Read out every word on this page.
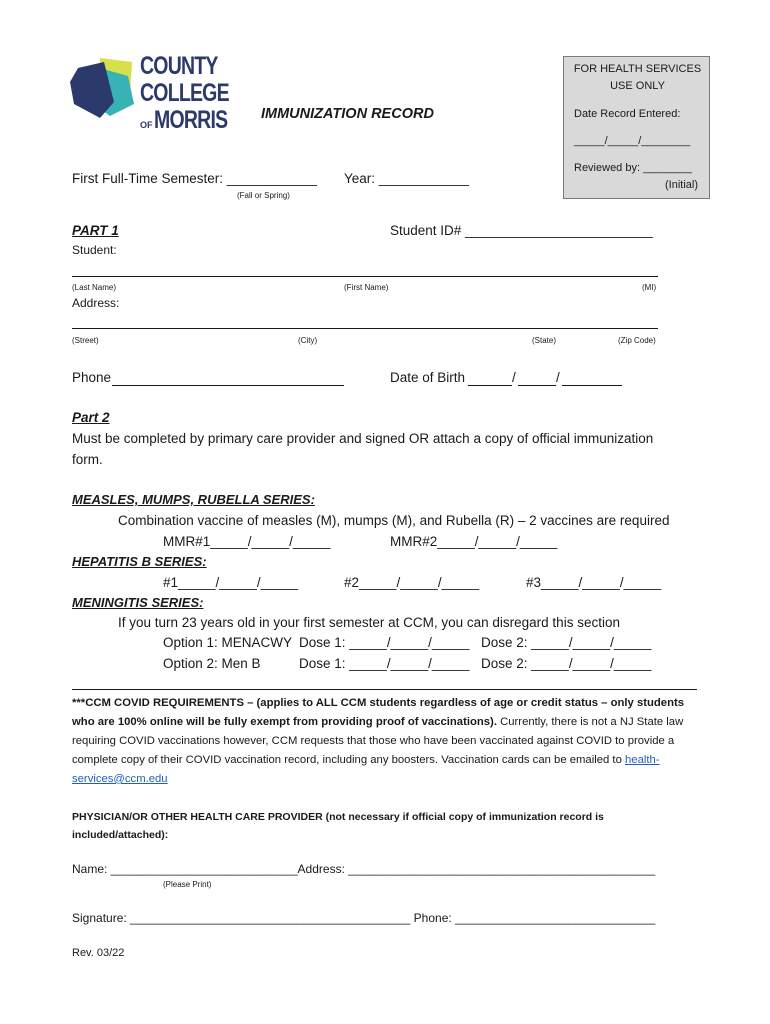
COUNTY
COLLEGE
OF MORRIS IMMUNIZATION RECORD
FOR HEALTH SERVICES
USE ONLY
Date Record Entered:
_____/_____/________
Reviewed by: ________
(Initial)
First Full-Time Semester: ____________
(Fall or Spring)
Year: ____________
PART 1	Student ID# _________________________
Student:
(Last Name)	(First Name)	(MI)
Address:
(Street)	(City)	(State)	(Zip Code)
Phone	Date of Birth	/	/
Part 2
Must be completed by primary care provider and signed OR attach a copy of official immunization
form.
MEASLES, MUMPS, RUBELLA SERIES:
Combination vaccine of measles (M), mumps (M), and Rubella (R) – 2 vaccines are required
MMR#1_____/_____/_____	MMR#2_____/_____/_____
HEPATITIS B SERIES:
#1_____/_____/_____	#2_____/_____/_____	#3_____/_____/_____
MENINGITIS SERIES:
If you turn 23 years old in your first semester at CCM, you can disregard this section
Option 1: MENACWY Dose 1: _____/_____/_____ Dose 2: _____/_____/_____
Option 2: Men B	Dose 1: _____/_____/_____ Dose 2: _____/_____/_____
***CCM COVID REQUIREMENTS – (applies to ALL CCM students regardless of age or credit status – only students who are 100% online will be fully exempt from providing proof of vaccinations). Currently, there is not a NJ State law requiring COVID vaccinations however, CCM requests that those who have been vaccinated against COVID to provide a complete copy of their COVID vaccination record, including any boosters. Vaccination cards can be emailed to health-services@ccm.edu
PHYSICIAN/OR OTHER HEALTH CARE PROVIDER (not necessary if official copy of immunization record is included/attached):
Name: ____________________________Address: ______________________________________________
(Please Print)
Signature: __________________________________________ Phone: ______________________________
Rev. 03/22
